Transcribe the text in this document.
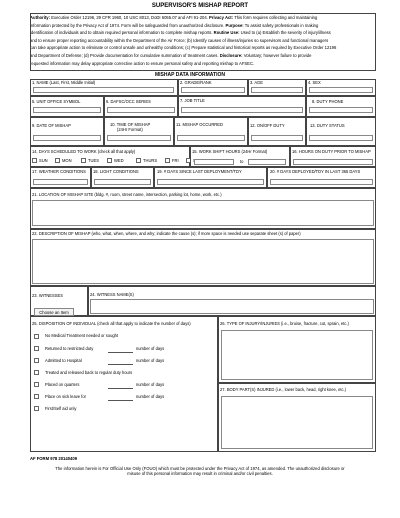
SUPERVISOR'S MISHAP REPORT
Authority: Executive Order 12196, 29 CFR 1960, 10 USC 8013, DoDI 6055.07 and AFI 91-204. Privacy Act: This form requires collecting and maintaining
information protected by the Privacy Act of 1974. Form will be safeguarded from unauthorized disclosure. Purpose: To assist safety professionals in making
identification of individuals and to obtain required personal information to complete mishap reports. Routine Use: Used to (a) Establish the severity of injury/illness
and to ensure proper reporting accountability within the Department of the Air Force; (b) Identify causes of illness/injuries so supervisors and functional managers
can take appropriate action to eliminate or control unsafe and unhealthy conditions; (c) Prepare statistical and historical reports as required by Executive Order 12196
and Department of Defense; (d) Provide documentation for cumulative summation of treatment cases. Disclosure: Voluntary; however failure to provide
requested information may delay appropriate corrective action to ensure personal safety and reporting mishap to AFSEC.
MISHAP DATA INFORMATION
1. NAME (Last, First, Middle Initial)	2. GRADE/RANK	3. AGE	4. SEX
5. UNIT OFFICE SYMBOL	6. DAFSC/OCC SERIES	7. JOB TITLE	8. DUTY PHONE
9. DATE OF MISHAP	10. TIME OF MISHAP
(24Hr Format)
11. MISHAP OCCURRED	12. ON/OFF DUTY	13. DUTY STATUS
14. DAYS SCHEDULED TO WORK (check all that apply)
SUN	MON	TUES	WED	THURS	FRI
15. WORK SHIFT HOURS (24Hr Format)
to
16. HOURS ON DUTY PRIOR TO MISHAP
17. WEATHER CONDITIONS 18. LIGHT CONDITIONS	19. # DAYS SINCE LAST DEPLOYMENT/TDY	20. # DAYS DEPLOYED/TDY IN LAST 365 DAYS
21. LOCATION OF MISHAP SITE (bldg. #, room, street name, intersection, parking lot, home, work, etc.)
22. DESCRIPTION OF MISHAP (who, what, when, where, and why; indicate the cause (s); if more space is needed use separate sheet (s) of paper)
23. WITNESSES
Choose an Item
24. WITNESS NAME(S)
25. DISPOSITION OF INDIVIDUAL (check all that apply to indicate the number of days)
No Medical Treatment needed or sought
Returned to restricted duty	number of days
Admitted to Hospital	number of days
Treated and released back to regular duty hours
Placed on quarters	number of days
Place on sick leave for	number of days
First/Self aid only
26. TYPE OF INJURY/INJURIES (i.e., bruise, fracture, cut, sprain, etc.)
27. BODY PART(S) INJURED (i.e., lower back, head, right knee, etc.)
AF FORM 978 20140409
The information herein is For Official Use Only (FOUO) which must be protected under the Privacy Act of 1974, as amended. The unauthorized disclosure or
misuse of this personal information may result in criminal and/or civil penalties.
